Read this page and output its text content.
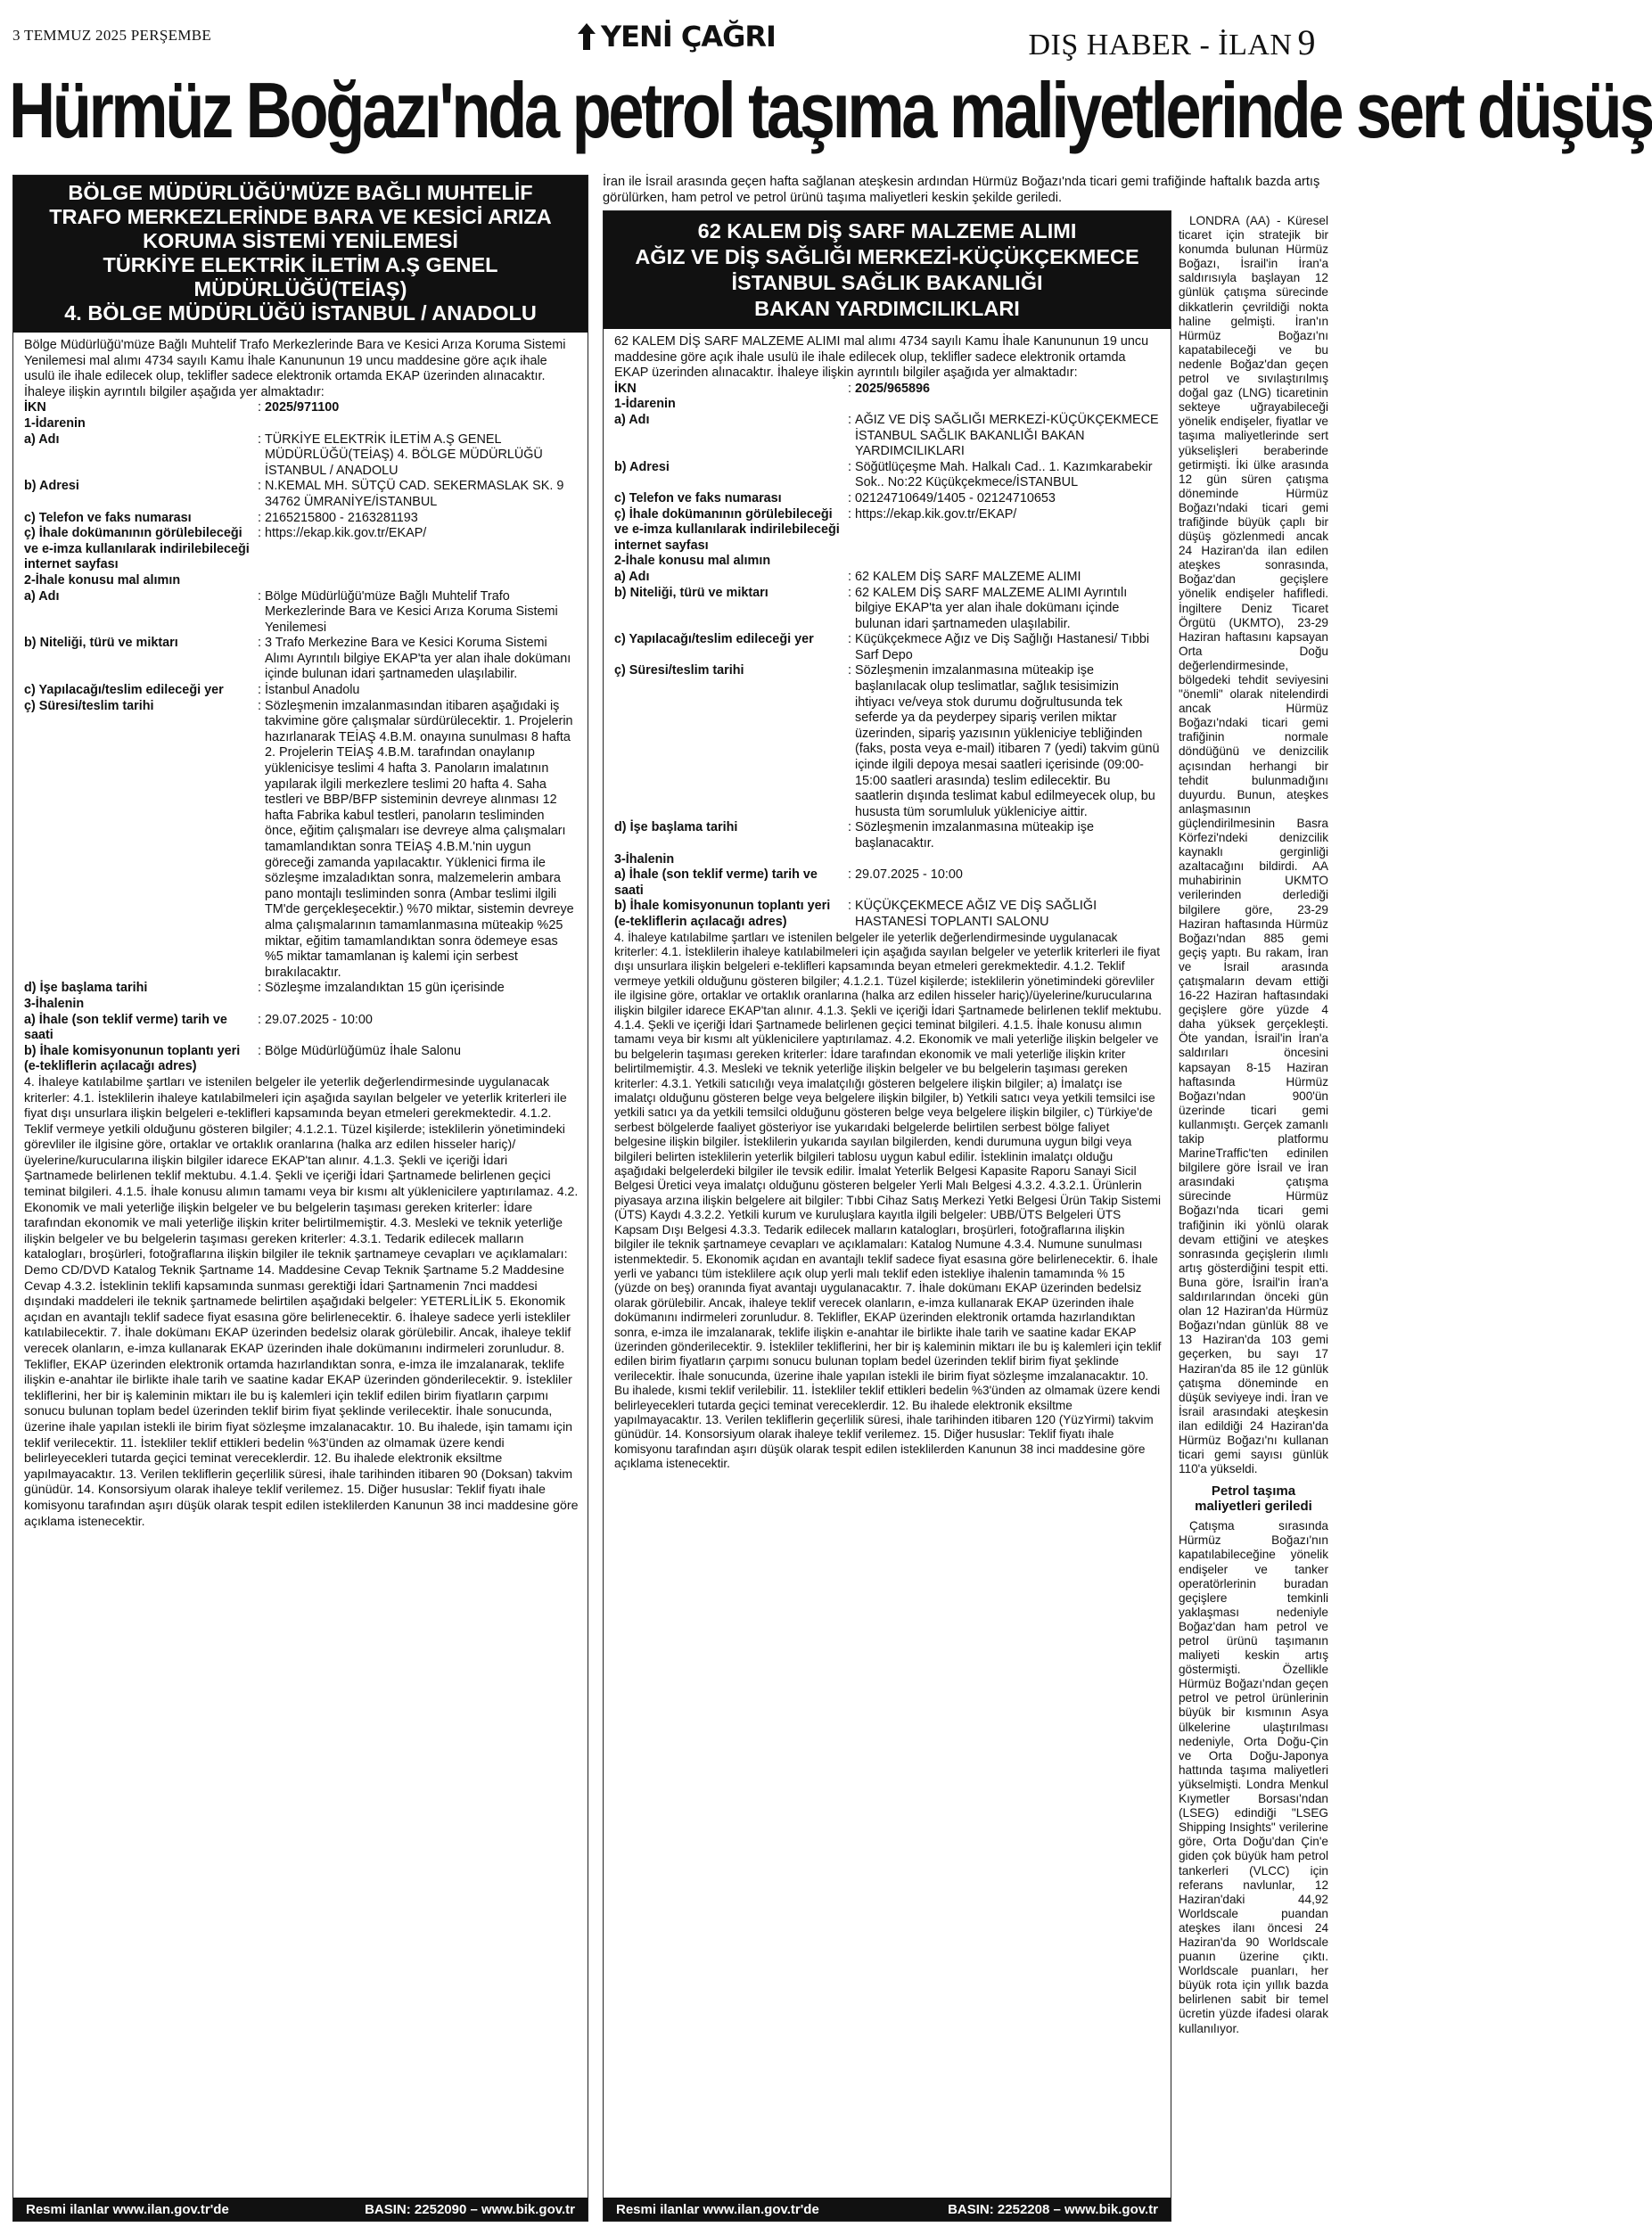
3 TEMMUZ 2025 PERŞEMBE	YENİ ÇAĞRI	DIŞ HABER - İLAN 9
Hürmüz Boğazı'nda petrol taşıma maliyetlerinde sert düşüş
BÖLGE MÜDÜRLÜĞÜ'MÜZE BAĞLI MUHTELİF
TRAFO MERKEZLERİNDE BARA VE KESİCİ ARIZA
KORUMA SİSTEMİ YENİLEMESİ
TÜRKİYE ELEKTRİK İLETİM A.Ş GENEL
MÜDÜRLÜĞÜ(TEİAŞ)
4. BÖLGE MÜDÜRLÜĞÜ İSTANBUL / ANADOLU

Bölge Müdürlüğü'müze Bağlı Muhtelif Trafo Merkezlerinde Bara ve Kesici Arıza Koruma Sistemi Yenilemesi mal alımı 4734 sayılı Kamu İhale Kanununun 19 uncu maddesine göre açık ihale usulü ile ihale edilecek olup, teklifler sadece elektronik ortamda EKAP üzerinden alınacaktır. İhaleye ilişkin ayrıntılı bilgiler aşağıda yer almaktadır:

İKN	: 2025/971100

1-İdarenin

a) Adı	: TÜRKİYE ELEKTRİK İLETİM A.Ş GENEL MÜDÜRLÜĞÜ(TEİAŞ) 4. BÖLGE MÜDÜRLÜĞÜ İSTANBUL / ANADOLU
b) Adresi	: N.KEMAL MH. SÜTÇÜ CAD. SEKERMASLAK SK. 9 34762 ÜMRANİYE/İSTANBUL
c) Telefon ve faks numarası	: 2165215800 - 2163281193
ç) İhale dokümanının görülebileceği ve e-imza kullanılarak indirilebileceği internet sayfası
: https://ekap.kik.gov.tr/EKAP/

2-İhale konusu mal alımın

a) Adı	: Bölge Müdürlüğü'müze Bağlı Muhtelif Trafo Merkezlerinde Bara ve Kesici Arıza Koruma Sistemi Yenilemesi
b) Niteliği, türü ve miktarı	: 3 Trafo Merkezine Bara ve Kesici Koruma Sistemi Alımı Ayrıntılı bilgiye EKAP'ta yer alan ihale dokümanı içinde bulunan idari şartnameden ulaşılabilir.
c) Yapılacağı/teslim edileceği yer	: İstanbul Anadolu
ç) Süresi/teslim tarihi	: Sözleşmenin imzalanmasından itibaren aşağıdaki iş takvimine göre çalışmalar sürdürülecektir. 1. Projelerin hazırlanarak TEİAŞ 4.B.M. onayına sunulması 8 hafta 2. Projelerin TEİAŞ 4.B.M. tarafından onaylanıp yüklenicisye teslimi 4 hafta 3. Panoların imalatının yapılarak ilgili merkezlere teslimi 20 hafta 4. Saha testleri ve BBP/BFP sisteminin devreye alınması 12 hafta Fabrika kabul testleri, panoların tesliminden önce, eğitim çalışmaları ise devreye alma çalışmaları tamamlandıktan sonra TEİAŞ 4.B.M.'nin uygun göreceği zamanda yapılacaktır. Yüklenici firma ile sözleşme imzaladıktan sonra, malzemelerin ambara pano montajlı tesliminden sonra (Ambar teslimi ilgili TM'de gerçekleşecektir.) %70 miktar, sistemin devreye alma çalışmalarının tamamlanmasına müteakip %25 miktar, eğitim tamamlandıktan sonra ödemeye esas %5 miktar tamamlanan iş kalemi için serbest bırakılacaktır.
d) İşe başlama tarihi	: Sözleşme imzalandıktan 15 gün içerisinde

3-İhalenin

a) İhale (son teklif verme) tarih ve saati
: 29.07.2025 - 10:00
b) İhale komisyonunun toplantı yeri (e-tekliflerin açılacağı adres)
: Bölge Müdürlüğümüz İhale Salonu

4. İhaleye katılabilme şartları ve istenilen belgeler ile yeterlik değerlendirmesinde uygulanacak kriterler: 4.1. İsteklilerin ihaleye katılabilmeleri için aşağıda sayılan belgeler ve yeterlik kriterleri ile fiyat dışı unsurlara ilişkin belgeleri e-teklifleri kapsamında beyan etmeleri gerekmektedir. 4.1.2. Teklif vermeye yetkili olduğunu gösteren bilgiler; 4.1.2.1. Tüzel kişilerde; isteklilerin yönetimindeki görevliler ile ilgisine göre, ortaklar ve ortaklık oranlarına (halka arz edilen hisseler hariç)/üyelerine/kurucularına ilişkin bilgiler idarece EKAP'tan alınır. 4.1.3. Şekli ve içeriği İdari Şartnamede belirlenen teklif mektubu. 4.1.4. Şekli ve içeriği İdari Şartnamede belirlenen geçici teminat bilgileri. 4.1.5. İhale konusu alımın tamamı veya bir kısmı alt yüklenicilere yaptırılamaz. 4.2. Ekonomik ve mali yeterliğe ilişkin belgeler ve bu belgelerin taşıması gereken kriterler: İdare tarafından ekonomik ve mali yeterliğe ilişkin kriter belirtilmemiştir. 4.3. Mesleki ve teknik yeterliğe ilişkin belgeler ve bu belgelerin taşıması gereken kriterler: 4.3.1. Tedarik edilecek malların katalogları, broşürleri, fotoğraflarına ilişkin bilgiler ile teknik şartnameye cevapları ve açıklamaları: Demo CD/DVD Katalog Teknik Şartname 14. Maddesine Cevap Teknik Şartname 5.2 Maddesine Cevap 4.3.2. İsteklinin teklifi kapsamında sunması gerektiği İdari Şartnamenin 7nci maddesi dışındaki maddeleri ile teknik şartnamede belirtilen aşağıdaki belgeler: YETERLİLİK 5. Ekonomik açıdan en avantajlı teklif sadece fiyat esasına göre belirlenecektir. 6. İhaleye sadece yerli istekliler katılabilecektir. 7. İhale dokümanı EKAP üzerinden bedelsiz olarak görülebilir. Ancak, ihaleye teklif verecek olanların, e-imza kullanarak EKAP üzerinden ihale dokümanını indirmeleri zorunludur. 8. Teklifler, EKAP üzerinden elektronik ortamda hazırlandıktan sonra, e-imza ile imzalanarak, teklife ilişkin e-anahtar ile birlikte ihale tarih ve saatine kadar EKAP üzerinden gönderilecektir. 9. İstekliler tekliflerini, her bir iş kaleminin miktarı ile bu iş kalemleri için teklif edilen birim fiyatların çarpımı sonucu bulunan toplam bedel üzerinden teklif birim fiyat şeklinde verilecektir. İhale sonucunda, üzerine ihale yapılan istekli ile birim fiyat sözleşme imzalanacaktır. 10. Bu ihalede, işin tamamı için teklif verilecektir. 11. İstekliler teklif ettikleri bedelin %3'ünden az olmamak üzere kendi belirleyecekleri tutarda geçici teminat vereceklerdir. 12. Bu ihalede elektronik eksiltme yapılmayacaktır. 13. Verilen tekliflerin geçerlilik süresi, ihale tarihinden itibaren 90 (Doksan) takvim günüdür. 14. Konsorsiyum olarak ihaleye teklif verilemez. 15. Diğer hususlar: Teklif fiyatı ihale komisyonu tarafından aşırı düşük olarak tespit edilen isteklilerden Kanunun 38 inci maddesine göre açıklama istenecektir.

Resmi ilanlar www.ilan.gov.tr'de	BASIN: 2252090 – www.bik.gov.tr
İran ile İsrail arasında geçen hafta sağlanan ateşkesin ardından Hürmüz Boğazı'nda ticari gemi trafiğinde haftalık bazda artış görülürken, ham petrol ve petrol ürünü taşıma maliyetleri keskin şekilde geriledi.
62 KALEM DİŞ SARF MALZEME ALIMI
AĞIZ VE DİŞ SAĞLIĞI MERKEZİ-KÜÇÜKÇEKMECE
İSTANBUL SAĞLIK BAKANLIĞI
BAKAN YARDIMCILIKLARI

62 KALEM DİŞ SARF MALZEME ALIMI mal alımı 4734 sayılı Kamu İhale Kanununun 19 uncu maddesine göre açık ihale usulü ile ihale edilecek olup, teklifler sadece elektronik ortamda EKAP üzerinden alınacaktır. İhaleye ilişkin ayrıntılı bilgiler aşağıda yer almaktadır:

İKN	: 2025/965896

1-İdarenin

a) Adı	: AĞIZ VE DİŞ SAĞLIĞI MERKEZİ-KÜÇÜKÇEKMECE İSTANBUL SAĞLIK BAKANLIĞI BAKAN YARDIMCILIKLARI
b) Adresi	: Söğütlüçeşme Mah. Halkalı Cad.. 1. Kazımkarabekir Sok.. No:22 Küçükçekmece/İSTANBUL
c) Telefon ve faks numarası	: 02124710649/1405 - 02124710653
ç) İhale dokümanının görülebileceği ve e-imza kullanılarak indirilebileceği internet sayfası
: https://ekap.kik.gov.tr/EKAP/

2-İhale konusu mal alımın

a) Adı	: 62 KALEM DİŞ SARF MALZEME ALIMI
b) Niteliği, türü ve miktarı	: 62 KALEM DİŞ SARF MALZEME ALIMI Ayrıntılı bilgiye EKAP'ta yer alan ihale dokümanı içinde bulunan idari şartnameden ulaşılabilir.
c) Yapılacağı/teslim edileceği yer	: Küçükçekmece Ağız ve Diş Sağlığı Hastanesi/ Tıbbi Sarf Depo
ç) Süresi/teslim tarihi	: Sözleşmenin imzalanmasına müteakip işe başlanılacak olup teslimatlar, sağlık tesisimizin ihtiyacı ve/veya stok durumu doğrultusunda tek seferde ya da peyderpey sipariş verilen miktar üzerinden, sipariş yazısının yükleniciye tebliğinden (faks, posta veya e-mail) itibaren 7 (yedi) takvim günü içinde ilgili depoya mesai saatleri içerisinde (09:00-15:00 saatleri arasında) teslim edilecektir. Bu saatlerin dışında teslimat kabul edilmeyecek olup, bu hususta tüm sorumluluk yükleniciye aittir.
d) İşe başlama tarihi	: Sözleşmenin imzalanmasına müteakip işe başlanacaktır.

3-İhalenin

a) İhale (son teklif verme) tarih ve saati
: 29.07.2025 - 10:00
b) İhale komisyonunun toplantı yeri (e-tekliflerin açılacağı adres)
: KÜÇÜKÇEKMECE AĞIZ VE DİŞ SAĞLIĞI HASTANESİ TOPLANTI SALONU

4. İhaleye katılabilme şartları ve istenilen belgeler ile yeterlik değerlendirmesinde uygulanacak kriterler: 4.1. İsteklilerin ihaleye katılabilmeleri için aşağıda sayılan belgeler ve yeterlik kriterleri ile fiyat dışı unsurlara ilişkin belgeleri e-teklifleri kapsamında beyan etmeleri gerekmektedir. 4.1.2. Teklif vermeye yetkili olduğunu gösteren bilgiler; 4.1.2.1. Tüzel kişilerde; isteklilerin yönetimindeki görevliler ile ilgisine göre, ortaklar ve ortaklık oranlarına (halka arz edilen hisseler hariç)/üyelerine/kurucularına ilişkin bilgiler idarece EKAP'tan alınır. 4.1.3. Şekli ve içeriği İdari Şartnamede belirlenen teklif mektubu. 4.1.4. Şekli ve içeriği İdari Şartnamede belirlenen geçici teminat bilgileri. 4.1.5. İhale konusu alımın tamamı veya bir kısmı alt yüklenicilere yaptırılamaz. 4.2. Ekonomik ve mali yeterliğe ilişkin belgeler ve bu belgelerin taşıması gereken kriterler: İdare tarafından ekonomik ve mali yeterliğe ilişkin kriter belirtilmemiştir. 4.3. Mesleki ve teknik yeterliğe ilişkin belgeler ve bu belgelerin taşıması gereken kriterler: 4.3.1. Yetkili satıcılığı veya imalatçılığı gösteren belgelere ilişkin bilgiler; a) İmalatçı ise imalatçı olduğunu gösteren belge veya belgelere ilişkin bilgiler, b) Yetkili satıcı veya yetkili temsilci ise yetkili satıcı ya da yetkili temsilci olduğunu gösteren belge veya belgelere ilişkin bilgiler, c) Türkiye'de serbest bölgelerde faaliyet gösteriyor ise yukarıdaki belgelerde belirtilen serbest bölge faliyet belgesine ilişkin bilgiler. İsteklilerin yukarıda sayılan bilgilerden, kendi durumuna uygun bilgi veya bilgileri belirten isteklilerin yeterlik bilgileri tablosu uygun kabul edilir. İsteklinin imalatçı olduğu aşağıdaki belgelerdeki bilgiler ile tevsik edilir. İmalat Yeterlik Belgesi Kapasite Raporu Sanayi Sicil Belgesi Üretici veya imalatçı olduğunu gösteren belgeler Yerli Malı Belgesi 4.3.2. 4.3.2.1. Ürünlerin piyasaya arzına ilişkin belgelere ait bilgiler: Tıbbi Cihaz Satış Merkezi Yetki Belgesi Ürün Takip Sistemi (ÜTS) Kaydı 4.3.2.2. Yetkili kurum ve kuruluşlara kayıtla ilgili belgeler: UBB/ÜTS Belgeleri ÜTS Kapsam Dışı Belgesi 4.3.3. Tedarik edilecek malların katalogları, broşürleri, fotoğraflarına ilişkin bilgiler ile teknik şartnameye cevapları ve açıklamaları: Katalog Numune 4.3.4. Numune sunulması istenmektedir. 5. Ekonomik açıdan en avantajlı teklif sadece fiyat esasına göre belirlenecektir. 6. İhale yerli ve yabancı tüm isteklilere açık olup yerli malı teklif eden istekliye ihalenin tamamında % 15 (yüzde on beş) oranında fiyat avantajı uygulanacaktır. 7. İhale dokümanı EKAP üzerinden bedelsiz olarak görülebilir. Ancak, ihaleye teklif verecek olanların, e-imza kullanarak EKAP üzerinden ihale dokümanını indirmeleri zorunludur. 8. Teklifler, EKAP üzerinden elektronik ortamda hazırlandıktan sonra, e-imza ile imzalanarak, teklife ilişkin e-anahtar ile birlikte ihale tarih ve saatine kadar EKAP üzerinden gönderilecektir. 9. İstekliler tekliflerini, her bir iş kaleminin miktarı ile bu iş kalemleri için teklif edilen birim fiyatların çarpımı sonucu bulunan toplam bedel üzerinden teklif birim fiyat şeklinde verilecektir. İhale sonucunda, üzerine ihale yapılan istekli ile birim fiyat sözleşme imzalanacaktır. 10. Bu ihalede, kısmi teklif verilebilir. 11. İstekliler teklif ettikleri bedelin %3'ünden az olmamak üzere kendi belirleyecekleri tutarda geçici teminat vereceklerdir. 12. Bu ihalede elektronik eksiltme yapılmayacaktır. 13. Verilen tekliflerin geçerlilik süresi, ihale tarihinden itibaren 120 (YüzYirmi) takvim günüdür. 14. Konsorsiyum olarak ihaleye teklif verilemez. 15. Diğer hususlar: Teklif fiyatı ihale komisyonu tarafından aşırı düşük olarak tespit edilen isteklilerden Kanunun 38 inci maddesine göre açıklama istenecektir.

Resmi ilanlar www.ilan.gov.tr'de	BASIN: 2252208 – www.bik.gov.tr

LONDRA (AA) - Küresel ticaret için stratejik bir konumda bulunan Hürmüz Boğazı, İsrail'in İran'a saldırısıyla başlayan 12 günlük çatışma sürecinde dikkatlerin çevrildiği nokta haline gelmişti. İran'ın Hürmüz Boğazı'nı kapatabileceği ve bu nedenle Boğaz'dan geçen petrol ve sıvılaştırılmış doğal gaz (LNG) ticaretinin sekteye uğrayabileceği yönelik endişeler, fiyatlar ve taşıma maliyetlerinde sert yükselişleri beraberinde getirmişti. İki ülke arasında 12 gün süren çatışma döneminde Hürmüz Boğazı'ndaki ticari gemi trafiğinde büyük çaplı bir düşüş gözlenmedi ancak 24 Haziran'da ilan edilen ateşkes sonrasında, Boğaz'dan geçişlere yönelik endişeler hafifledi. İngiltere Deniz Ticaret Örgütü (UKMTO), 23-29 Haziran haftasını kapsayan Orta Doğu değerlendirmesinde, bölgedeki tehdit seviyesini "önemli" olarak nitelendirdi ancak Hürmüz Boğazı'ndaki ticari gemi trafiğinin normale döndüğünü ve denizcilik açısından herhangi bir tehdit bulunmadığını duyurdu. Bunun, ateşkes anlaşmasının güçlendirilmesinin Basra Körfezi'ndeki denizcilik kaynaklı gerginliği azaltacağını bildirdi. AA muhabirinin UKMTO verilerinden derlediği bilgilere göre, 23-29 Haziran haftasında Hürmüz Boğazı'ndan 885 gemi geçiş yaptı. Bu rakam, İran ve İsrail arasında çatışmaların devam ettiği 16-22 Haziran haftasındaki geçişlere göre yüzde 4 daha yüksek gerçekleşti. Öte yandan, İsrail'in İran'a saldırıları öncesini kapsayan 8-15 Haziran haftasında Hürmüz Boğazı'ndan 900'ün üzerinde ticari gemi kullanmıştı. Gerçek zamanlı takip platformu MarineTraffic'ten edinilen bilgilere göre İsrail ve İran arasındaki çatışma sürecinde Hürmüz Boğazı'nda ticari gemi trafiğinin iki yönlü olarak devam ettiğini ve ateşkes sonrasında geçişlerin ılımlı artış gösterdiğini tespit etti. Buna göre, İsrail'in İran'a saldırılarından önceki gün olan 12 Haziran'da Hürmüz Boğazı'ndan günlük 88 ve 13 Haziran'da 103 gemi geçerken, bu sayı 17 Haziran'da 85 ile 12 günlük çatışma döneminde en düşük seviyeye indi. İran ve İsrail arasındaki ateşkesin ilan edildiği 24 Haziran'da Hürmüz Boğazı'nı kullanan ticari gemi sayısı günlük 110'a yükseldi.

Petrol taşıma maliyetleri geriledi

Çatışma sırasında Hürmüz Boğazı'nın kapatılabileceğine yönelik endişeler ve tanker operatörlerinin buradan geçişlere temkinli yaklaşması nedeniyle Boğaz'dan ham petrol ve petrol ürünü taşımanın maliyeti keskin artış göstermişti. Özellikle Hürmüz Boğazı'ndan geçen petrol ve petrol ürünlerinin büyük bir kısmının Asya ülkelerine ulaştırılması nedeniyle, Orta Doğu-Çin ve Orta Doğu-Japonya hattında taşıma maliyetleri yükselmişti. Londra Menkul Kıymetler Borsası'ndan (LSEG) edindiği "LSEG Shipping Insights" verilerine göre, Orta Doğu'dan Çin'e giden çok büyük ham petrol tankerleri (VLCC) için referans navlunlar, 12 Haziran'daki 44,92 Worldscale puandan ateşkes ilanı öncesi 24 Haziran'da 90 Worldscale puanın üzerine çıktı. Worldscale puanları, her büyük rota için yıllık bazda belirlenen sabit bir temel ücretin yüzde ifadesi olarak kullanılıyor.
